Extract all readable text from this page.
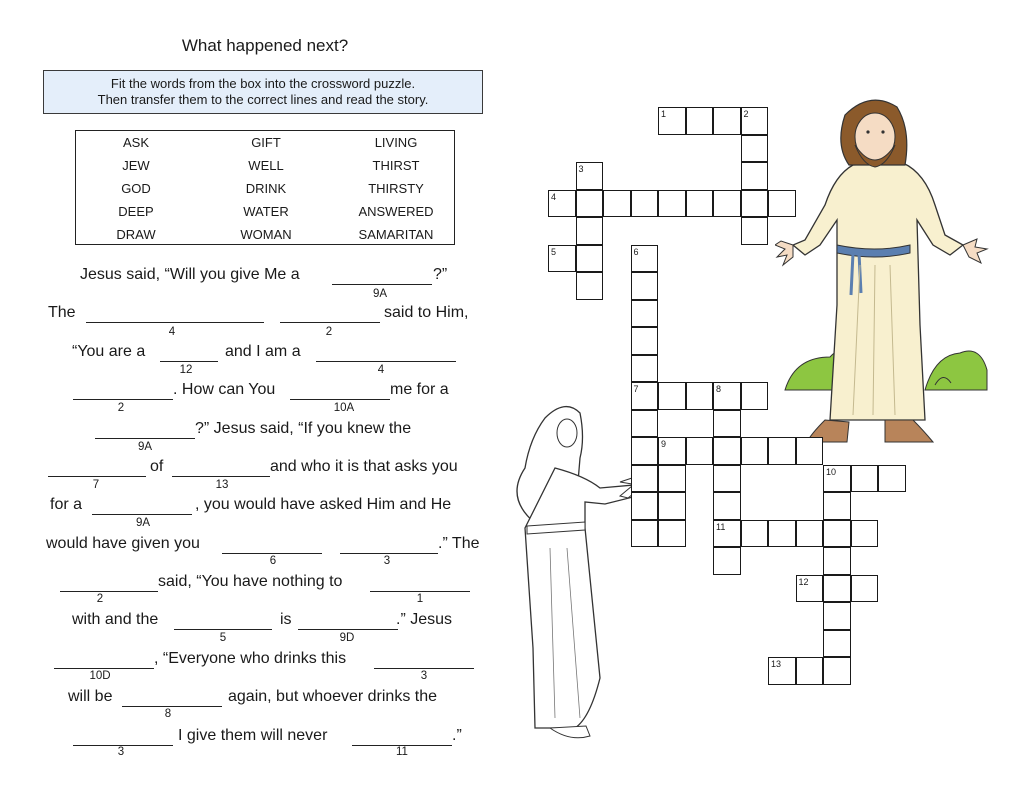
What happened next?
Fit the words from the box into the crossword puzzle.
Then transfer them to the correct lines and read the story.
ASK	GIFT	LIVING
JEW	WELL	THIRST
GOD	DRINK	THIRSTY
DEEP	WATER	ANSWERED
DRAW	WOMAN	SAMARITAN
Jesus said, “Will you give Me a	?”
9A
The	said to Him,
4	2
“You are a	and I am a
12	4
. How can You	me for a
2	10A
?” Jesus said, “If you knew the
9A
of	and who it is that asks you
7	13
for a	, you would have asked Him and He
9A
would have given you	.” The
6	3
said, “You have nothing to
2	1
with and the	is	.” Jesus
5	9D
, “Everyone who drinks this
10D	3
will be	again, but whoever drinks the
8
I give them will never	.”
3	11
1	2
3
4
5	6
7	8
11
9
10
12
13
